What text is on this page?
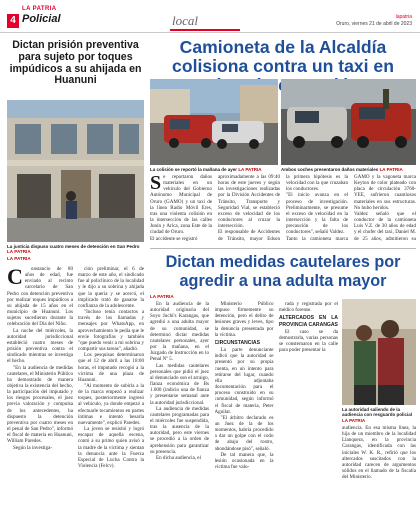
4
LA PATRIA
Policial	local	lapatria
Oruro, viernes 21 de abril de 2023
Dictan prisión preventiva para sujeto por toques impúdicos a su ahijada en Huanuni
La justicia dispuso cuatro meses de detención en San Pedro LA PATRIA
LA PATRIA
C	onstancio de 80 años de edad, fue enviado al recinto carcelario de San Pedro con detención preventiva por realizar toques impúdicos a su ahijada de 15 años en el municipio de Huanuni. Los sujetos sucedieron durante la celebración del Día del Niño.

La noche del miércoles, la autoridad jurisdiccional estableció cuatro meses de prisión preventiva contra el sindicado mientras se investiga el hecho.

"En la audiencia de medidas cautelares, el Ministerio Público ha demostrado de manera objetiva la existencia del hecho, la participación del imputado y los riesgos procesales, el juez previa valoración y compulsa de los antecedentes, ha dispuesto la detención preventiva por cuatro meses en el penal de San Pedro", informó el fiscal de materia en Huanuni, William Paredes.

Según la investiga-

ción preliminar, el 6 de marzo de este año, el sindicado fue al policlínico de la localidad y le dijo a su sobrina y ahijada que la quería y se acercó, el implicado trató de ganarse la confianza de la adolescente.

"Incluso tenía contactos a través de los llamadas y mensajes por WhatsApp, en aprovechamiento le pedía que le envíe fotografías y también "que puedo venir a mi sobrina y compartir sus tareas", añadió.

Los pesquisas determinaron que el 12 de abril a las 18:00 horas, el imputado recogió a la víctima de una plaza de Huanuni.

"Al momento de subirla a la de la marca empezó a realizar toques, posteriormente ingresó al vehículo, ya donde empezó a efectuarle tocamientos en partes íntimas e intentó besarla nuevamente", explicó Paredes.

La joven se resistió y logró escapar de aquella escena, contó a su primo quien avisó a la madre de la víctima y sientan la denuncia ante la Fuerza Especial de Lucha Contra la Violencia (Felcv).

Camioneta de la Alcaldía colisiona contra un taxi en
La colisión se reportó la mañana de ayer LA PATRIA	Ambos coches presentaron daños materiales LA PATRIA
S e reportaron daños materiales en un vehículo del Gobierno Autónomo Municipal de Oruro (GAMO) y un taxi de la línea Radio Móvil Eres, tras una violenta colisión en la intersección de las calles Junín y Arica, zona Este de la ciudad de Oruro.

El accidente se registró

aproximadamente a las 09:40 horas de este jueves y según las investigaciones realizadas por la División Accidentes de Tránsito, Transporte y Seguridad Vial, se estableció exceso de velocidad de los conductores al cruzar la intersección.

El responsable de Accidentes de Tránsito, mayor Edson

la primera hipótesis es la velocidad con la que cruzaban los conductores.

"El inicio avanza en el proceso de investigación. Preliminarmente, se presume el exceso de velocidad en la intersección y la falta de precaución de los conductores", señaló Valdez.

Tanto la camioneta marca

GAMO y la vagoneta marca Keyton de color plateado con placa de circulación 3760-YEE, sufrieron cuantiosos materiales en sus estructuras. No hubo heridos.

Valdez señaló que el conductor de la camioneta Luis V.Z. de 30 años de edad y el chofer del taxi, Daniel M. de 25 años, admitieron su

Dictan medidas cautelares por agredir a una adulta mayor
LA PATRIA

En la audiencia de la autoridad originaria del Soyo Juchi's Karangas, que agredió a una adulta mayor de su comunidad, se determinó dictar medidas cautelares personales, ayer por la mañana, en el Juzgado de Instrucción en lo Penal Nº 5.

Las medidas cautelares personales que pidió el juez al denunciado son el arraigo, fianza económica de Bs 1.000 (indicio una de fianza y presentarse semanal ante la autoridad jurisdiccional.

La audiencia de medidas cautelares programadas para el miércoles fue suspendida, tras la ausencia de la autoridad, pero este viernes se procedió a la orden de aprehensión para garantizar su presencia.

En dicha audiencia, el

Ministerio Público impuso firmemente su detención, pero el delito de lesiones graves y leves, tipo la denuncia presentada por la víctima.

CIRCUNSTANCIAS

La parte denunciante indicó que la autoridad se presentó por su propia cuenta, en un intento para retirarse del lugar, cuando ella adjuntaba documentación para el proceso construido en su comunidad, según informó el fiscal de materia, Peter Aguilar.

"El árbitro declarado es un Juez de la de los momentos, habría procedido a dar un golpe con el codo de abajo del rostro, ahondándose pisó", señaló.

De tal manera que, la lesión ocasionada en la víctima fue valo-

rada y registrada por el médico forense.

ALTERCADOS EN LA PROVINCIA CARANGAS

El caso se da demostrarla, varias personas se consternaron en la calle para poder presentar la

La autoridad saliendo de la audiencia con resguardo policial LA PATRIA

audiencia. En esa misma línea, la hija de un miembro de la localidad Llanquera, en la provincia Carangas, identificada con las iniciales W. K. R., refirió que los altercados suscitados con la autoridad carecen de argumentos sólidos en el llamado de la fiscalía del Ministerio.
